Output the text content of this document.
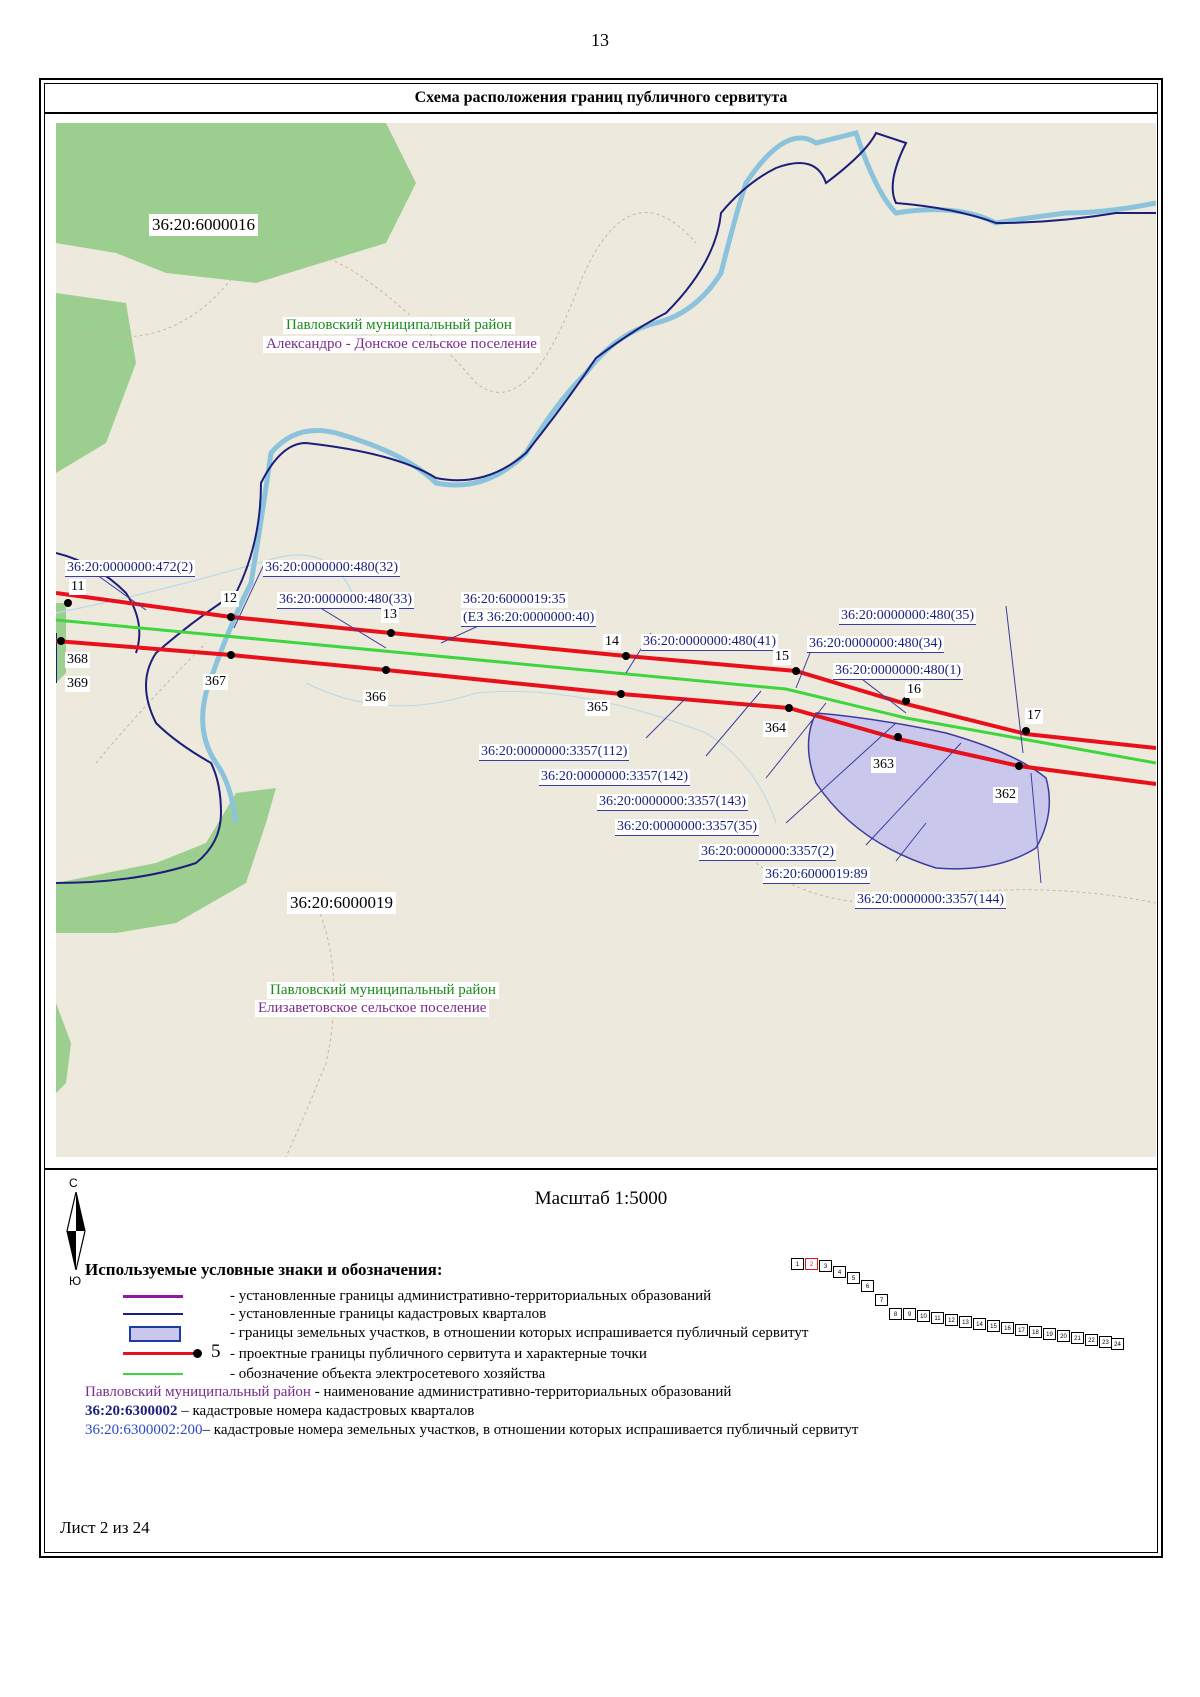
13
Схема расположения границ публичного сервитута
36:20:6000016
36:20:6000019
Павловский муниципальный район
Александро - Донское сельское поселение
Павловский муниципальный район
Елизаветовское сельское поселение
36:20:0000000:472(2)	36:20:0000000:480(32)
36:20:0000000:480(33)	36:20:6000019:35
(ЕЗ 36:20:0000000:40)
36:20:0000000:480(41)
36:20:0000000:480(35)
36:20:0000000:480(34)
36:20:0000000:480(1)
36:20:0000000:3357(112)
36:20:0000000:3357(142)
36:20:0000000:3357(143)
36:20:0000000:3357(35)
36:20:0000000:3357(2)
36:20:6000019:89
36:20:0000000:3357(144)
11
12
13
14
15
16
17
368
369	367
366
365
364
363
362
Масштаб 1:5000
С
Ю
Используемые условные знаки и обозначения:
- установленные границы административно-территориальных образований
- установленные границы кадастровых кварталов
- границы земельных участков, в отношении которых испрашивается публичный сервитут
5 - проектные границы публичного сервитута и характерные точки
- обозначение объекта электросетевого хозяйства
Павловский муниципальный район - наименование административно-территориальных образований
36:20:6300002 – кадастровые номера кадастровых кварталов
36:20:6300002:200– кадастровые номера земельных участков, в отношении которых испрашивается публичный сервитут
1	2	3
4
5
6
7
8	9	10	11	12	13	14	15	16	17	18	19	20	21	22	23 24
Лист 2 из 24
